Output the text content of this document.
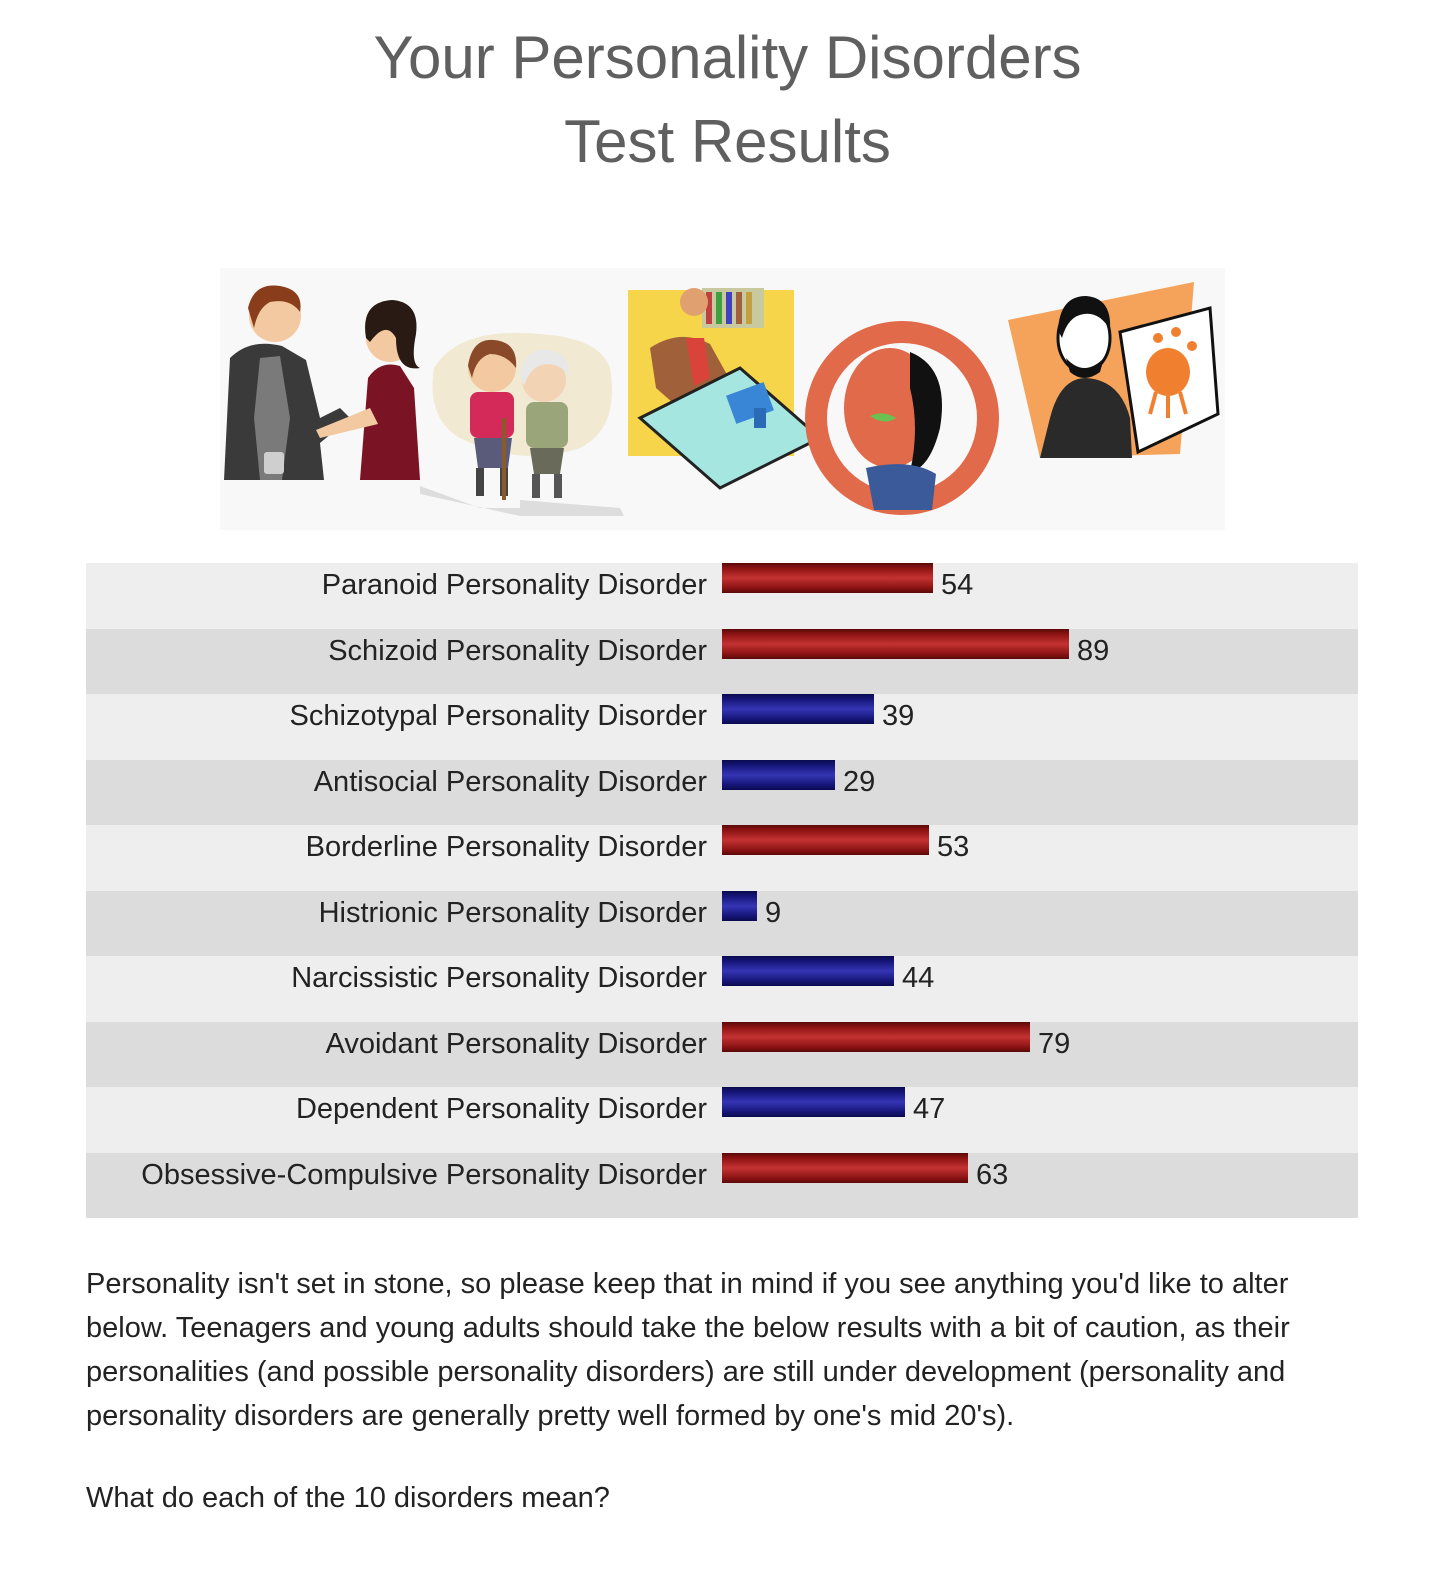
Your Personality Disorders
Test Results
Paranoid Personality Disorder	54
Schizoid Personality Disorder	89
Schizotypal Personality Disorder	39
Antisocial Personality Disorder	29
Borderline Personality Disorder	53
Histrionic Personality Disorder 9
Narcissistic Personality Disorder	44
Avoidant Personality Disorder	79
Dependent Personality Disorder	47
Obsessive-Compulsive Personality Disorder	63

Personality isn't set in stone, so please keep that in mind if you see anything you'd like to alter below. Teenagers and young adults should take the below results with a bit of caution, as their personalities (and possible personality disorders) are still under development (personality and personality disorders are generally pretty well formed by one's mid 20's).

What do each of the 10 disorders mean?
